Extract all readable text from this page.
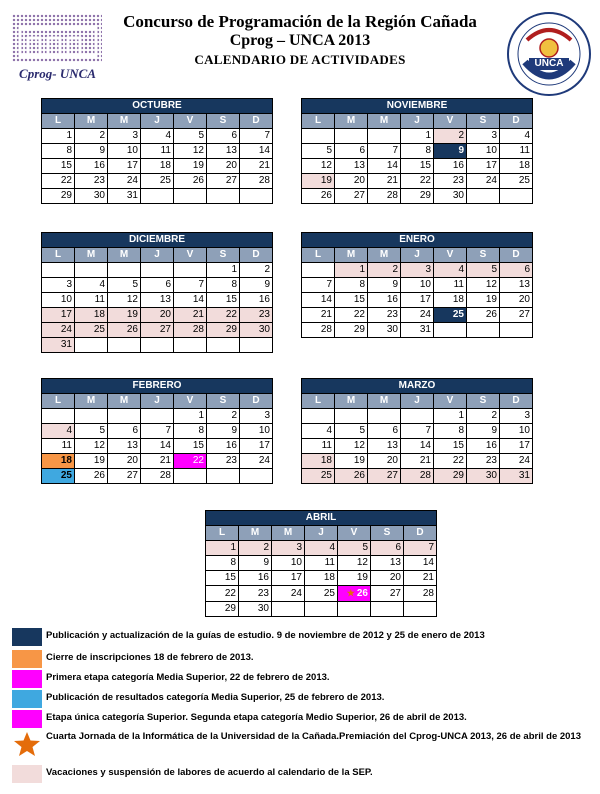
Cprog- UNCA
Concurso de Programación de la Región Cañada
Cprog – UNCA 2013
CALENDARIO DE ACTIVIDADES	UNCA
OCTUBRE						
L	M	M	J	V	S	D
1	2	3	4	5	6	7
8	9	10	11	12	13	14
15	16	17	18	19	20	21
22	23	24	25	26	27	28
29	30	31				
NOVIEMBRE						
L	M	M	J	V	S	D
			1	2	3	4
5	6	7	8	9	10	11
12	13	14	15	16	17	18
19	20	21	22	23	24	25
26	27	28	29	30		
DICIEMBRE						
L	M	M	J	V	S	D
					1	2
3	4	5	6	7	8	9
10	11	12	13	14	15	16
17	18	19	20	21	22	23
24	25	26	27	28	29	30
31						
ENERO						
L	M	M	J	V	S	D
	1	2	3	4	5	6
7	8	9	10	11	12	13
14	15	16	17	18	19	20
21	22	23	24	25	26	27
28	29	30	31			
FEBRERO						
L	M	M	J	V	S	D
				1	2	3
4	5	6	7	8	9	10
11	12	13	14	15	16	17
18	19	20	21	22	23	24
25	26	27	28			
MARZO						
L	M	M	J	V	S	D
				1	2	3
4	5	6	7	8	9	10
11	12	13	14	15	16	17
18	19	20	21	22	23	24
25	26	27	28	29	30	31
ABRIL						
L	M	M	J	V	S	D
1	2	3	4	5	6	7
8	9	10	11	12	13	14
15	16	17	18	19	20	21
22	23	24	25	★ 26	27	28
29	30					
Publicación y actualización de la guías de estudio. 9 de noviembre de 2012 y 25 de enero de 2013
Cierre de inscripciones 18 de febrero de 2013.
Primera etapa categoría Media Superior, 22 de febrero de 2013.
Publicación de resultados categoría Media Superior, 25 de febrero de 2013.
Etapa única categoría Superior. Segunda etapa categoría Medio Superior, 26 de abril de 2013.
Cuarta Jornada de la Informática de la Universidad de la Cañada.Premiación del Cprog-UNCA 2013, 26 de abril de 2013
Vacaciones y suspensión de labores de acuerdo al calendario de la SEP.
